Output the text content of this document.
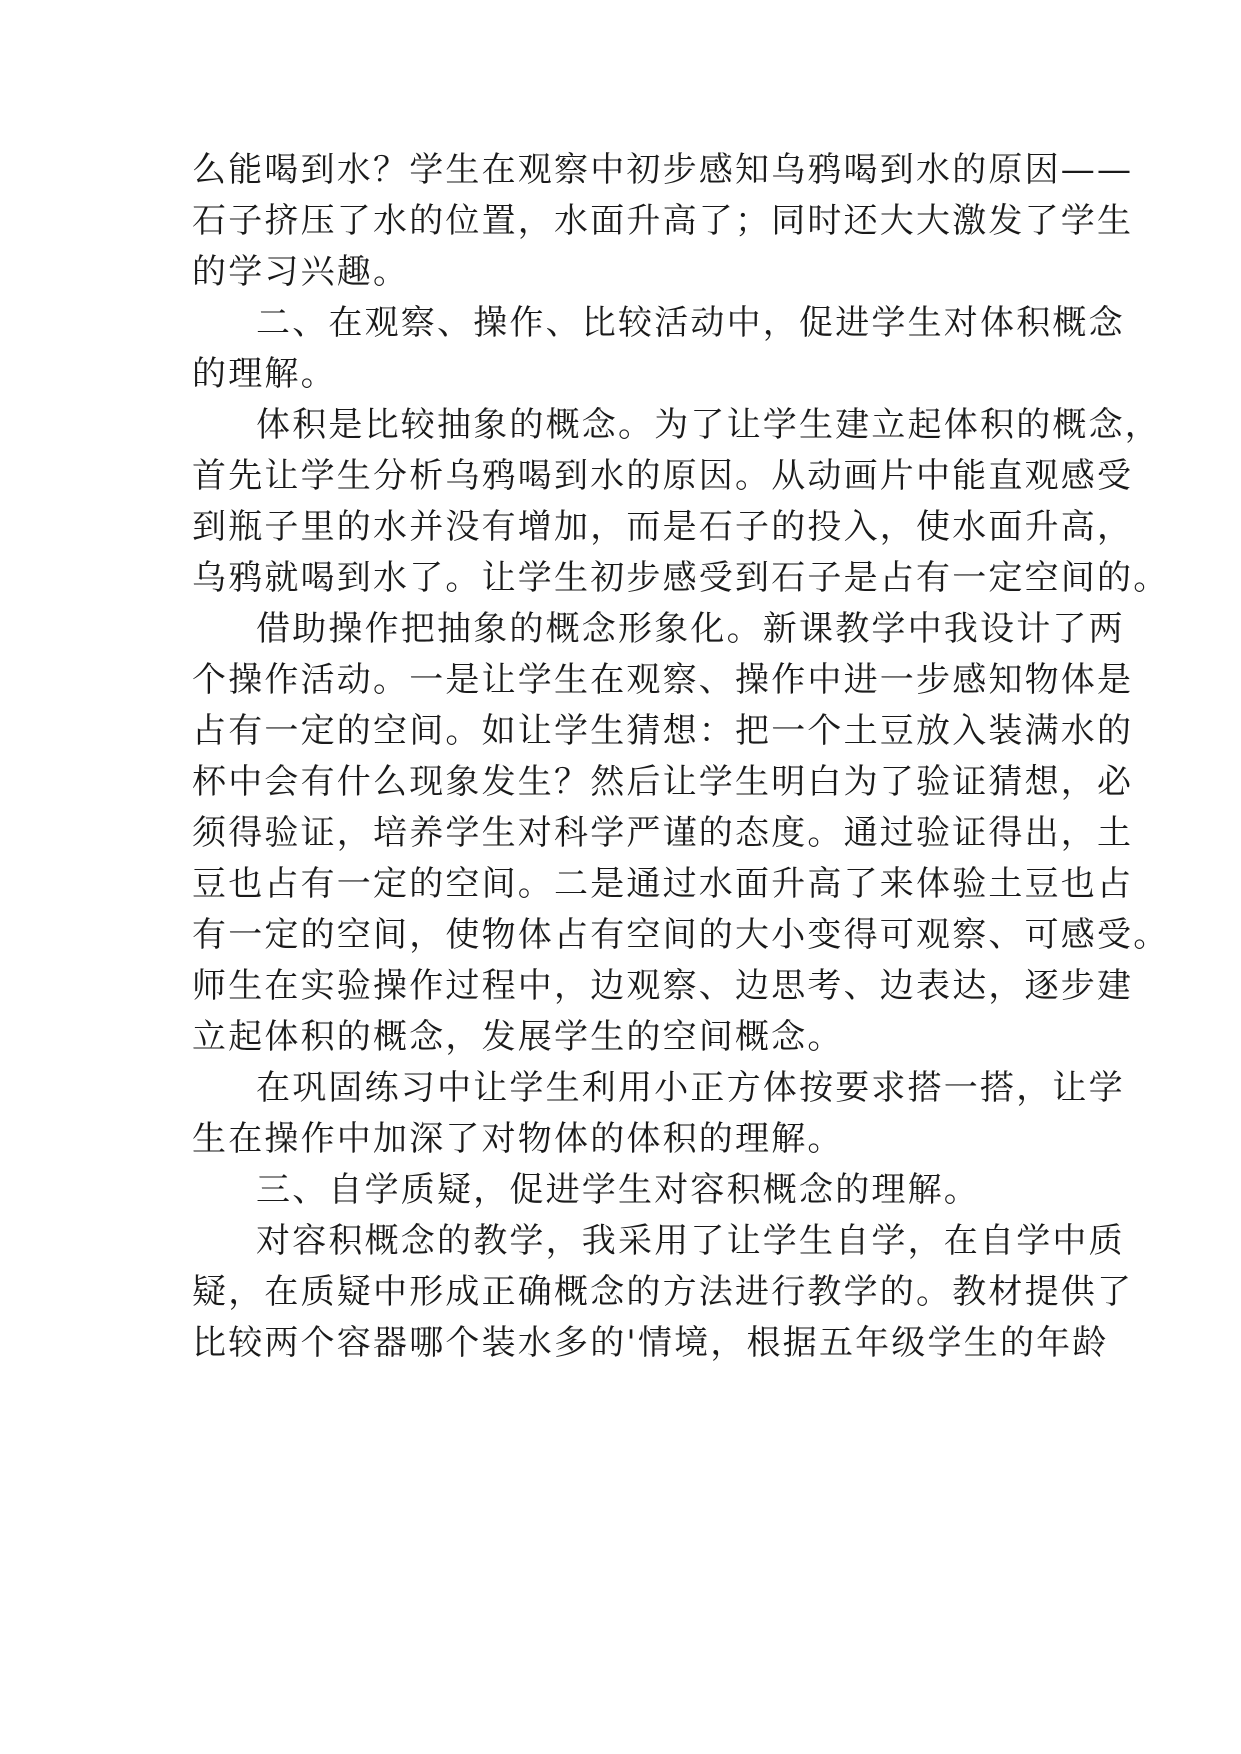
么能喝到水？学生在观察中初步感知乌鸦喝到水的原因——
石子挤压了水的位置，水面升高了；同时还大大激发了学生
的学习兴趣。
二、在观察、操作、比较活动中，促进学生对体积概念
的理解。
体积是比较抽象的概念。为了让学生建立起体积的概念，
首先让学生分析乌鸦喝到水的原因。从动画片中能直观感受
到瓶子里的水并没有增加，而是石子的投入，使水面升高，
乌鸦就喝到水了。让学生初步感受到石子是占有一定空间的。
借助操作把抽象的概念形象化。新课教学中我设计了两
个操作活动。一是让学生在观察、操作中进一步感知物体是
占有一定的空间。如让学生猜想：把一个土豆放入装满水的
杯中会有什么现象发生？然后让学生明白为了验证猜想，必
须得验证，培养学生对科学严谨的态度。通过验证得出，土
豆也占有一定的空间。二是通过水面升高了来体验土豆也占
有一定的空间，使物体占有空间的大小变得可观察、可感受。
师生在实验操作过程中，边观察、边思考、边表达，逐步建
立起体积的概念，发展学生的空间概念。
在巩固练习中让学生利用小正方体按要求搭一搭，让学
生在操作中加深了对物体的体积的理解。
三、自学质疑，促进学生对容积概念的理解。
对容积概念的教学，我采用了让学生自学，在自学中质
疑，在质疑中形成正确概念的方法进行教学的。教材提供了
比较两个容器哪个装水多的'情境，根据五年级学生的年龄
